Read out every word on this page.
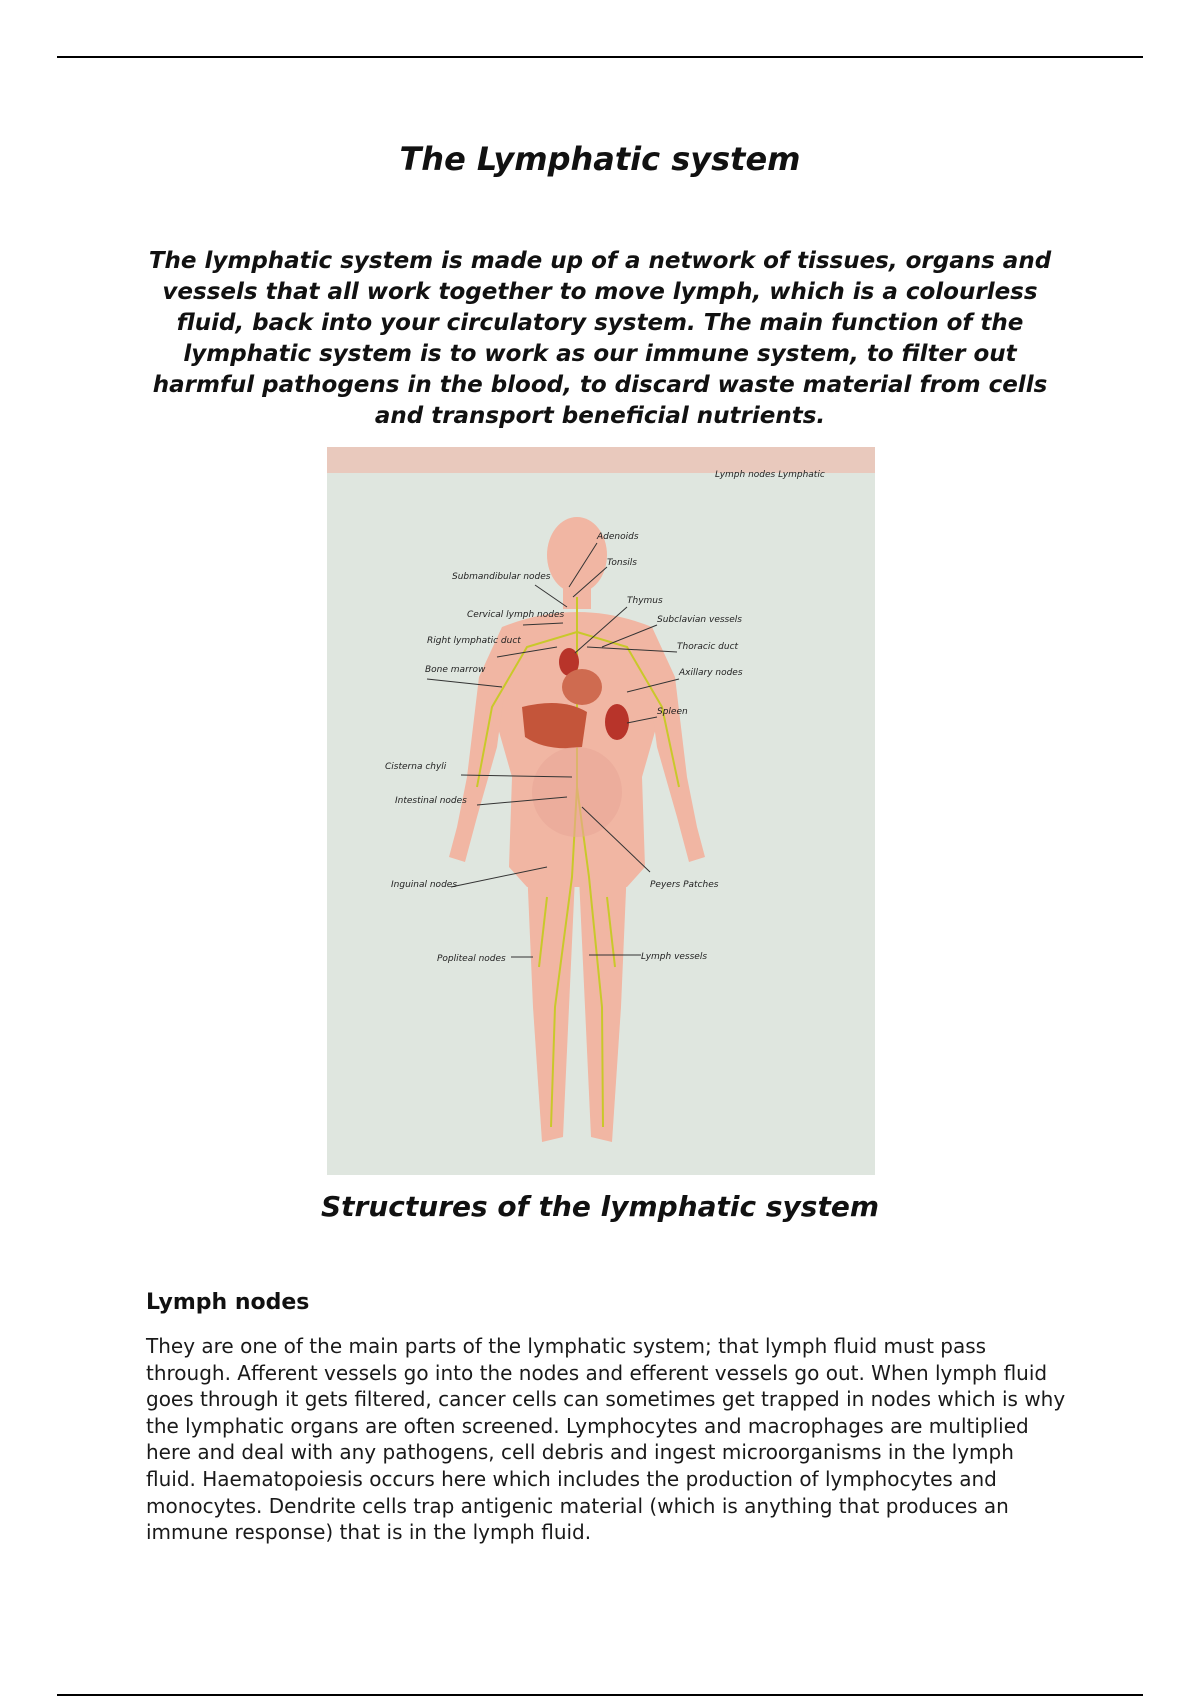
The Lymphatic system

The lymphatic system is made up of a network of tissues, organs and vessels that all work together to move lymph, which is a colourless fluid, back into your circulatory system. The main function of the lymphatic system is to work as our immune system, to filter out harmful pathogens in the blood, to discard waste material from cells and transport beneficial nutrients.

Lymph nodes Lymphatic
Adenoids
Tonsils
Submandibular nodes
Cervical lymph nodes
Thymus
Subclavian vessels
Right lymphatic duct
Thoracic duct
Bone marrow	Axillary nodes
Spleen
Cisterna chyli
Intestinal nodes
Peyers Patches
Inguinal nodes
Popliteal nodes	Lymph vessels
Structures of the lymphatic system
Lymph nodes

They are one of the main parts of the lymphatic system; that lymph fluid must pass through. Afferent vessels go into the nodes and efferent vessels go out. When lymph fluid goes through it gets filtered, cancer cells can sometimes get trapped in nodes which is why the lymphatic organs are often screened. Lymphocytes and macrophages are multiplied here and deal with any pathogens, cell debris and ingest microorganisms in the lymph fluid. Haematopoiesis occurs here which includes the production of lymphocytes and monocytes. Dendrite cells trap antigenic material (which is anything that produces an immune response) that is in the lymph fluid.
